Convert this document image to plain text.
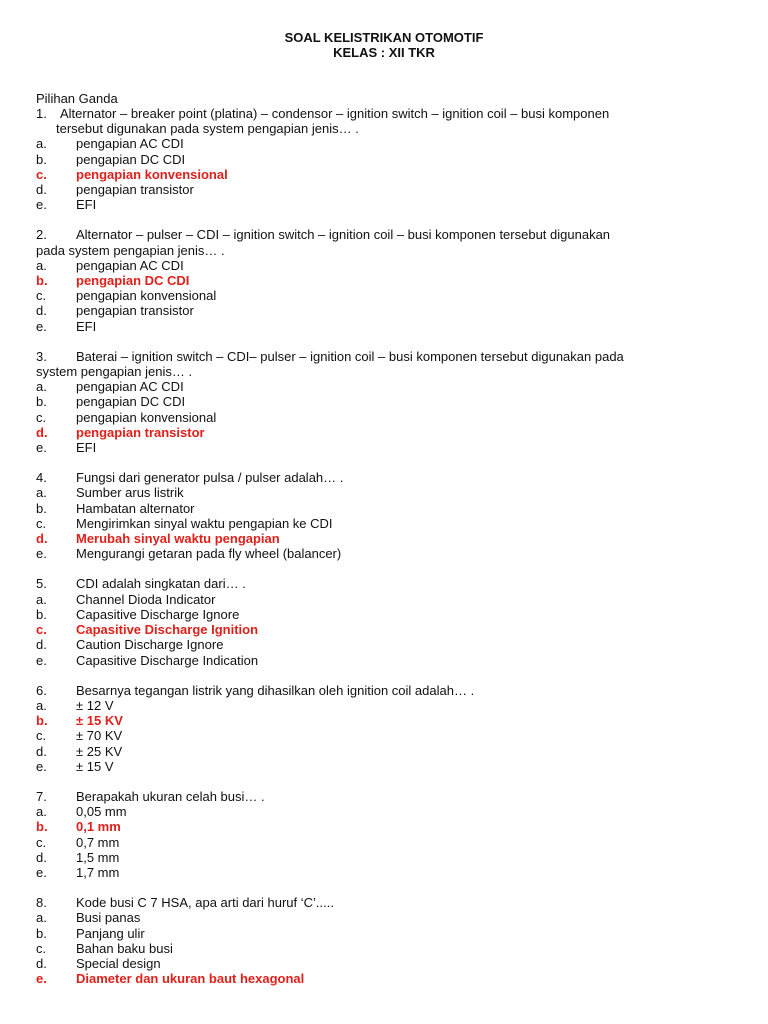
SOAL KELISTRIKAN OTOMOTIF
KELAS : XII TKR
Pilihan Ganda
1. Alternator – breaker point (platina) – condensor – ignition switch – ignition coil – busi komponen
tersebut digunakan pada system pengapian jenis… .
a.	pengapian AC CDI
b.	pengapian DC CDI
c.	pengapian konvensional
d.	pengapian transistor
e.	EFI
2.	Alternator – pulser – CDI – ignition switch – ignition coil – busi komponen tersebut digunakan
pada system pengapian jenis… .
a.	pengapian AC CDI
b.	pengapian DC CDI
c.	pengapian konvensional
d.	pengapian transistor
e.	EFI
3.	Baterai – ignition switch – CDI– pulser – ignition coil – busi komponen tersebut digunakan pada
system pengapian jenis… .
a.	pengapian AC CDI
b.	pengapian DC CDI
c.	pengapian konvensional
d.	pengapian transistor
e.	EFI
4.	Fungsi dari generator pulsa / pulser adalah… .
a.	Sumber arus listrik
b.	Hambatan alternator
c.	Mengirimkan sinyal waktu pengapian ke CDI
d.	Merubah sinyal waktu pengapian
e.	Mengurangi getaran pada fly wheel (balancer)
5.	CDI adalah singkatan dari… .
a.	Channel Dioda Indicator
b.	Capasitive Discharge Ignore
c.	Capasitive Discharge Ignition
d.	Caution Discharge Ignore
e.	Capasitive Discharge Indication
6.	Besarnya tegangan listrik yang dihasilkan oleh ignition coil adalah… .
a.	± 12 V
b.	± 15 KV
c.	± 70 KV
d.	± 25 KV
e.	± 15 V
7.	Berapakah ukuran celah busi… .
a.	0,05 mm
b.	0,1 mm
c.	0,7 mm
d.	1,5 mm
e.	1,7 mm
8.	Kode busi C 7 HSA, apa arti dari huruf ‘C’.....
a.	Busi panas
b.	Panjang ulir
c.	Bahan baku busi
d.	Special design
e.	Diameter dan ukuran baut hexagonal
